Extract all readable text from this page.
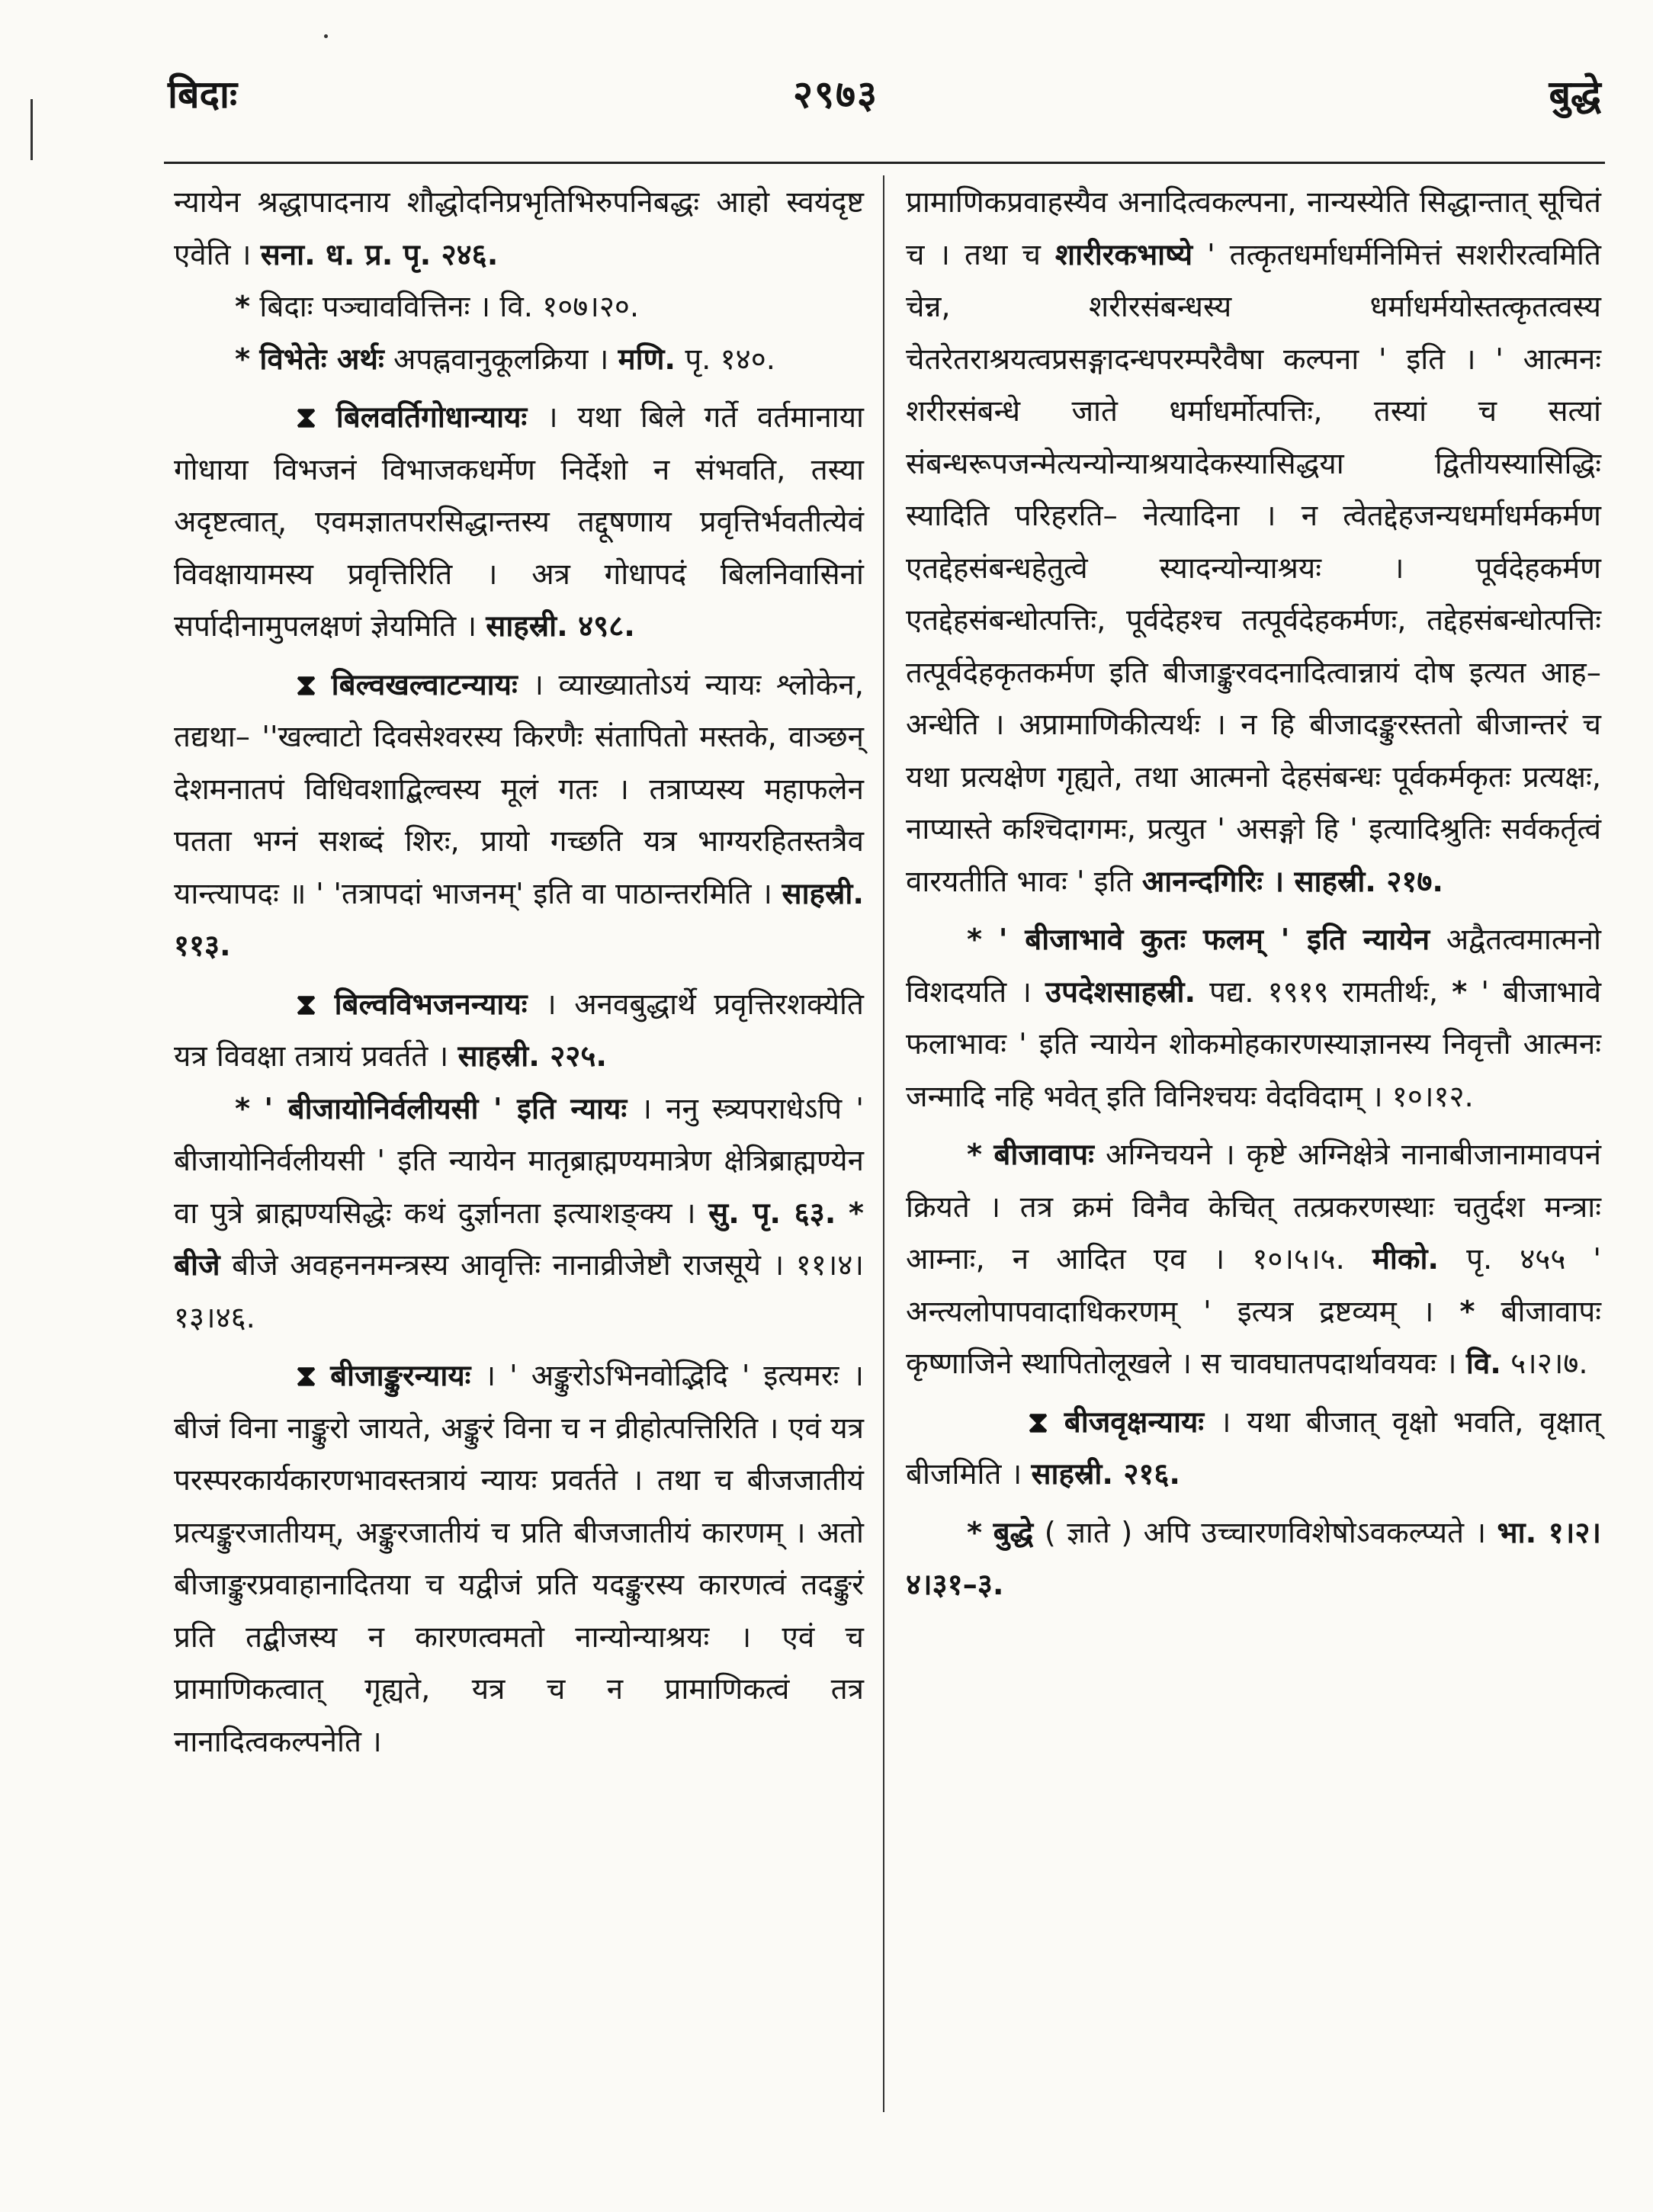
बिदाः	२९७३	बुद्धे

न्यायेन श्रद्धापादनाय शौद्धोदनिप्रभृतिभिरुपनिबद्धः आहो स्वयंदृष्ट एवेति । सना. ध. प्र. पृ. २४६.

* बिदाः पञ्चाववित्तिनः । वि. १०७।२०.

* विभेतेः अर्थः अपह्नवानुकूलक्रिया । मणि. पृ. १४०.

⧗ बिलवर्तिगोधान्यायः । यथा बिले गर्ते वर्तमानाया गोधाया विभजनं विभाजकधर्मेण निर्देशो न संभवति, तस्या अदृष्टत्वात्, एवमज्ञातपरसिद्धान्तस्य तद्दूषणाय प्रवृत्तिर्भवतीत्येवं विवक्षायामस्य प्रवृत्तिरिति । अत्र गोधापदं बिलनिवासिनां सर्पादीनामुपलक्षणं ज्ञेयमिति । साहस्री. ४९८.

⧗ बिल्वखल्वाटन्यायः । व्याख्यातोऽयं न्यायः श्लोकेन, तद्यथा– ''खल्वाटो दिवसेश्वरस्य किरणैः संतापितो मस्तके, वाञ्छन् देशमनातपं विधिवशाद्बिल्वस्य मूलं गतः । तत्राप्यस्य महाफलेन पतता भग्नं सशब्दं शिरः, प्रायो गच्छति यत्र भाग्यरहितस्तत्रैव यान्त्यापदः ॥ ' 'तत्रापदां भाजनम्' इति वा पाठान्तरमिति । साहस्री. ११३.

⧗ बिल्वविभजनन्यायः । अनवबुद्धार्थे प्रवृत्तिरशक्येति यत्र विवक्षा तत्रायं प्रवर्तते । साहस्री. २२५.

* ' बीजायोनिर्वलीयसी ' इति न्यायः । ननु स्त्र्यपराधेऽपि ' बीजायोनिर्वलीयसी ' इति न्यायेन मातृब्राह्मण्यमात्रेण क्षेत्रिब्राह्मण्येन वा पुत्रे ब्राह्मण्यसिद्धेः कथं दुर्ज्ञानता इत्याशङ्क्य । सु. पृ. ६३. * बीजे बीजे अवहननमन्त्रस्य आवृत्तिः नानाव्रीजेष्टौ राजसूये । ११।४।१३।४६.

⧗ बीजाङ्कुरन्यायः । ' अङ्कुरोऽभिनवोद्भिदि ' इत्यमरः । बीजं विना नाङ्कुरो जायते, अङ्कुरं विना च न व्रीहोत्पत्तिरिति । एवं यत्र परस्परकार्यकारणभावस्तत्रायं न्यायः प्रवर्तते । तथा च बीजजातीयं प्रत्यङ्कुरजातीयम्, अङ्कुरजातीयं च प्रति बीजजातीयं कारणम् । अतो बीजाङ्कुरप्रवाहानादितया च यद्वीजं प्रति यदङ्कुरस्य कारणत्वं तदङ्कुरं प्रति तद्बीजस्य न कारणत्वमतो नान्योन्याश्रयः । एवं च प्रामाणिकत्वात् गृह्यते, यत्र च न प्रामाणिकत्वं तत्र नानादित्वकल्पनेति ।

प्रामाणिकप्रवाहस्यैव अनादित्वकल्पना, नान्यस्येति सिद्धान्तात् सूचितं च । तथा च शारीरकभाष्ये ' तत्कृतधर्माधर्मनिमित्तं सशरीरत्वमिति चेन्न, शरीरसंबन्धस्य धर्माधर्मयोस्तत्कृतत्वस्य चेतरेतराश्रयत्वप्रसङ्गादन्धपरम्परैवैषा कल्पना ' इति । ' आत्मनः शरीरसंबन्धे जाते धर्माधर्मोत्पत्तिः, तस्यां च सत्यां संबन्धरूपजन्मेत्यन्योन्याश्रयादेकस्यासिद्धया द्वितीयस्यासिद्धिः स्यादिति परिहरति– नेत्यादिना । न त्वेतद्देहजन्यधर्माधर्मकर्मण एतद्देहसंबन्धहेतुत्वे स्यादन्योन्याश्रयः । पूर्वदेहकर्मण एतद्देहसंबन्धोत्पत्तिः, पूर्वदेहश्च तत्पूर्वदेहकर्मणः, तद्देहसंबन्धोत्पत्तिः तत्पूर्वदेहकृतकर्मण इति बीजाङ्कुरवदनादित्वान्नायं दोष इत्यत आह– अन्धेति । अप्रामाणिकीत्यर्थः । न हि बीजादङ्कुरस्ततो बीजान्तरं च यथा प्रत्यक्षेण गृह्यते, तथा आत्मनो देहसंबन्धः पूर्वकर्मकृतः प्रत्यक्षः, नाप्यास्ते कश्चिदागमः, प्रत्युत ' असङ्गो हि ' इत्यादिश्रुतिः सर्वकर्तृत्वं वारयतीति भावः ' इति आनन्दगिरिः । साहस्री. २१७.

* ' बीजाभावे कुतः फलम् ' इति न्यायेन अद्वैतत्वमात्मनो विशदयति । उपदेशसाहस्री. पद्य. १९१९ रामतीर्थः, * ' बीजाभावे फलाभावः ' इति न्यायेन शोकमोहकारणस्याज्ञानस्य निवृत्तौ आत्मनः जन्मादि नहि भवेत् इति विनिश्चयः वेदविदाम् । १०।१२.

* बीजावापः अग्निचयने । कृष्टे अग्निक्षेत्रे नानाबीजानामावपनं क्रियते । तत्र क्रमं विनैव केचित् तत्प्रकरणस्थाः चतुर्दश मन्त्राः आम्नाः, न आदित एव । १०।५।५. मीको. पृ. ४५५ ' अन्त्यलोपापवादाधिकरणम् ' इत्यत्र द्रष्टव्यम् । * बीजावापः कृष्णाजिने स्थापितोलूखले । स चावघातपदार्थावयवः । वि. ५।२।७.

⧗ बीजवृक्षन्यायः । यथा बीजात् वृक्षो भवति, वृक्षात् बीजमिति । साहस्री. २१६.

* बुद्धे ( ज्ञाते ) अपि उच्चारणविशेषोऽवकल्प्यते । भा. १।२।४।३१–३.
